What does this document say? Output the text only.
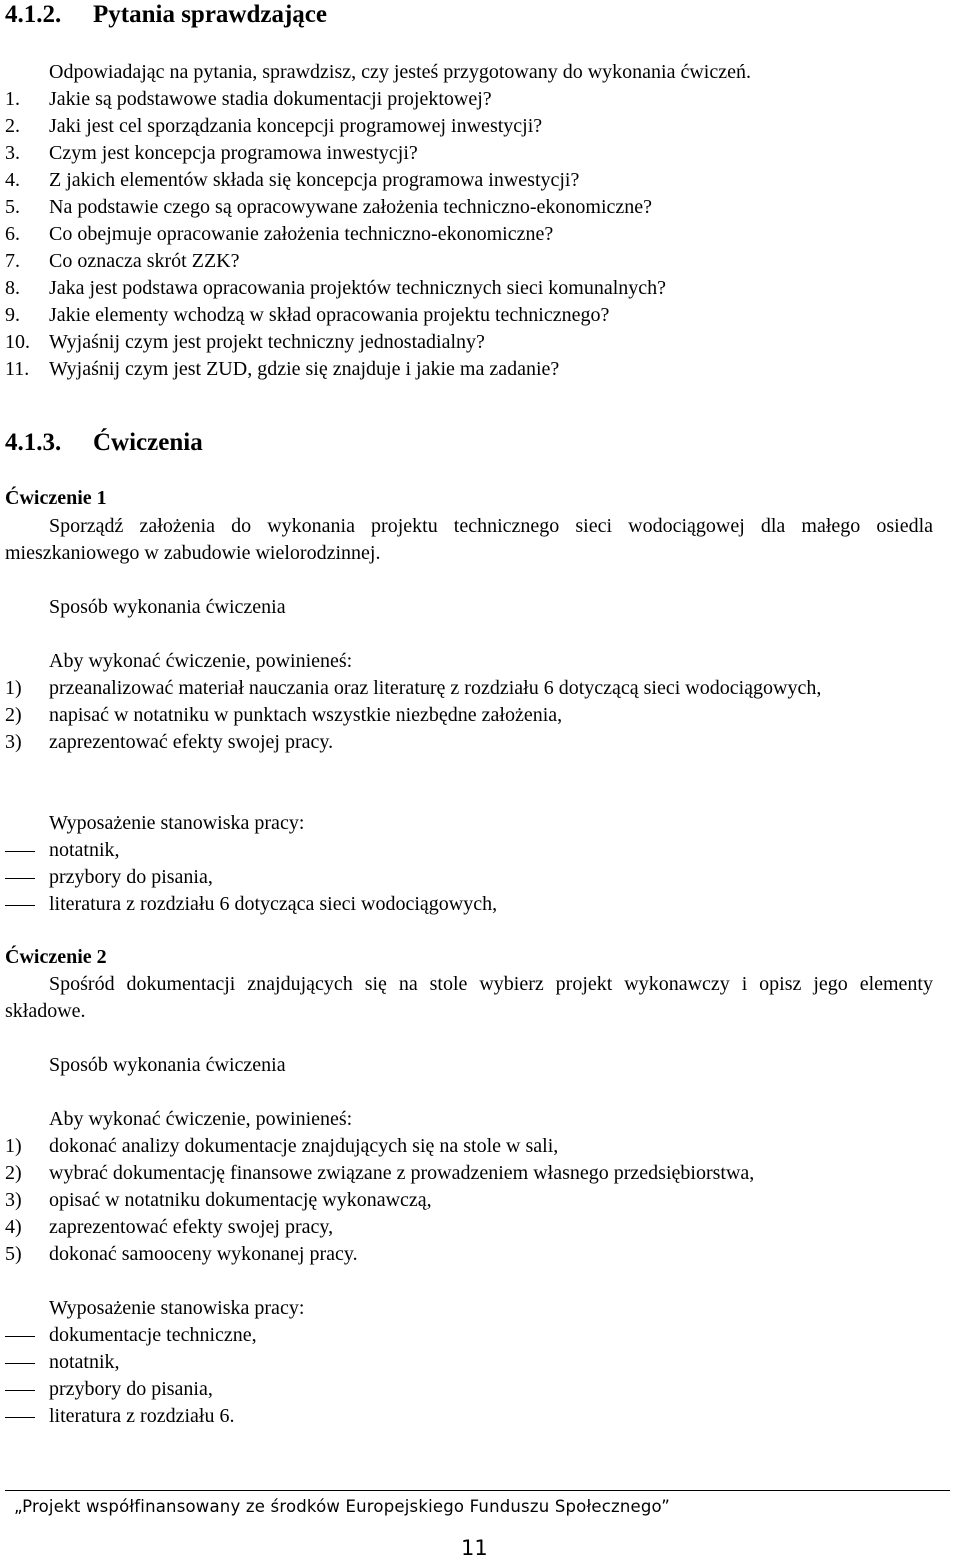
4.1.2. Pytania sprawdzające
Odpowiadając na pytania, sprawdzisz, czy jesteś przygotowany do wykonania ćwiczeń.
1. Jakie są podstawowe stadia dokumentacji projektowej?
2. Jaki jest cel sporządzania koncepcji programowej inwestycji?
3. Czym jest koncepcja programowa inwestycji?
4. Z jakich elementów składa się koncepcja programowa inwestycji?
5. Na podstawie czego są opracowywane założenia techniczno-ekonomiczne?
6. Co obejmuje opracowanie założenia techniczno-ekonomiczne?
7. Co oznacza skrót ZZK?
8. Jaka jest podstawa opracowania projektów technicznych sieci komunalnych?
9. Jakie elementy wchodzą w skład opracowania projektu technicznego?
10. Wyjaśnij czym jest projekt techniczny jednostadialny?
11. Wyjaśnij czym jest ZUD, gdzie się znajduje i jakie ma zadanie?
4.1.3. Ćwiczenia
Ćwiczenie 1
Sporządź założenia do wykonania projektu technicznego sieci wodociągowej dla małego osiedla mieszkaniowego w zabudowie wielorodzinnej.
Sposób wykonania ćwiczenia
Aby wykonać ćwiczenie, powinieneś:
1) przeanalizować materiał nauczania oraz literaturę z rozdziału 6 dotyczącą sieci wodociągowych,
2) napisać w notatniku w punktach wszystkie niezbędne założenia,
3) zaprezentować efekty swojej pracy.
Wyposażenie stanowiska pracy:
notatnik,
przybory do pisania,
literatura z rozdziału 6 dotycząca sieci wodociągowych,
Ćwiczenie 2
Spośród dokumentacji znajdujących się na stole wybierz projekt wykonawczy i opisz jego elementy składowe.
Sposób wykonania ćwiczenia
Aby wykonać ćwiczenie, powinieneś:
1) dokonać analizy dokumentacje znajdujących się na stole w sali,
2) wybrać dokumentację finansowe związane z prowadzeniem własnego przedsiębiorstwa,
3) opisać w notatniku dokumentację wykonawczą,
4) zaprezentować efekty swojej pracy,
5) dokonać samooceny wykonanej pracy.
Wyposażenie stanowiska pracy:
dokumentacje techniczne,
notatnik,
przybory do pisania,
literatura z rozdziału 6.
„Projekt współfinansowany ze środków Europejskiego Funduszu Społecznego”
11
